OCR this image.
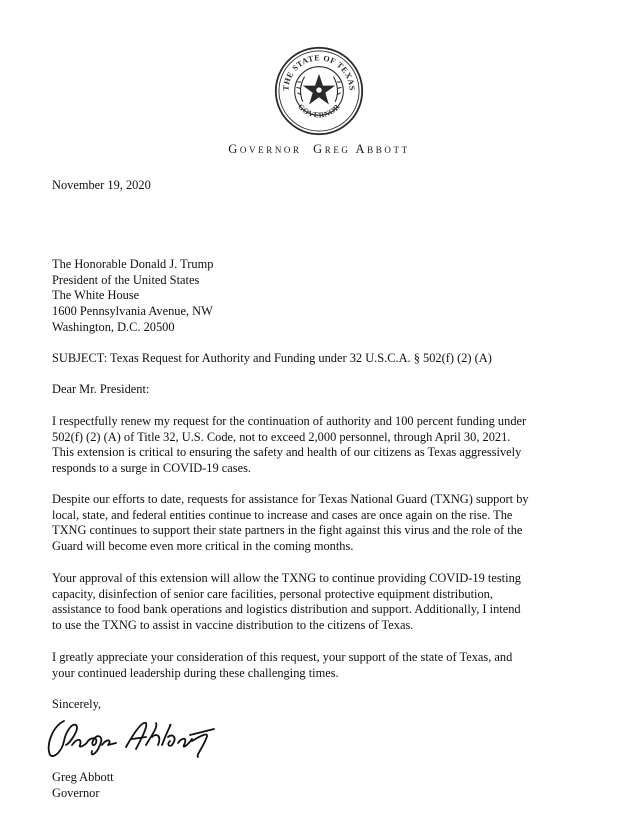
THE STATE OF TEXAS
GOVERNOR
Governor Greg Abbott
November 19, 2020
The Honorable Donald J. Trump
President of the United States
The White House
1600 Pennsylvania Avenue, NW
Washington, D.C. 20500
SUBJECT: Texas Request for Authority and Funding under 32 U.S.C.A. § 502(f) (2) (A)
Dear Mr. President:
I respectfully renew my request for the continuation of authority and 100 percent funding under
502(f) (2) (A) of Title 32, U.S. Code, not to exceed 2,000 personnel, through April 30, 2021.
This extension is critical to ensuring the safety and health of our citizens as Texas aggressively
responds to a surge in COVID-19 cases.
Despite our efforts to date, requests for assistance for Texas National Guard (TXNG) support by
local, state, and federal entities continue to increase and cases are once again on the rise. The
TXNG continues to support their state partners in the fight against this virus and the role of the
Guard will become even more critical in the coming months.
Your approval of this extension will allow the TXNG to continue providing COVID-19 testing
capacity, disinfection of senior care facilities, personal protective equipment distribution,
assistance to food bank operations and logistics distribution and support. Additionally, I intend
to use the TXNG to assist in vaccine distribution to the citizens of Texas.
I greatly appreciate your consideration of this request, your support of the state of Texas, and
your continued leadership during these challenging times.
Sincerely,
Greg Abbott
Governor
